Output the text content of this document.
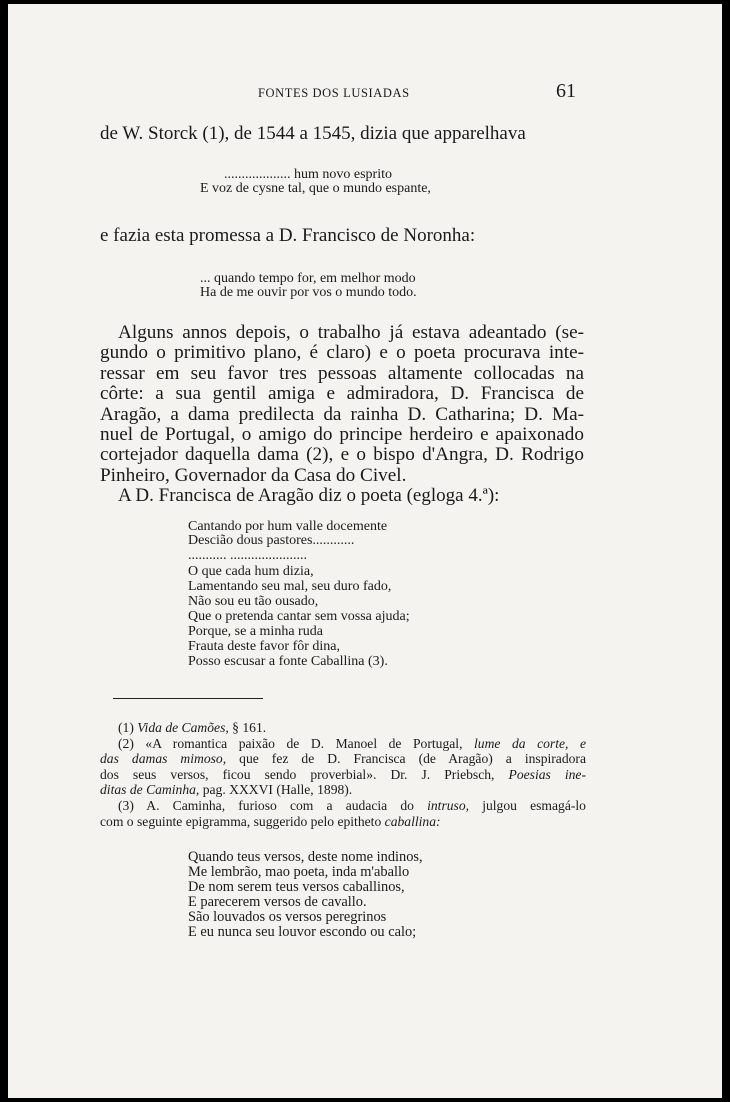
FONTES DOS LUSIADAS	61
de W. Storck (1), de 1544 a 1545, dizia que apparelhava
................... hum novo esprito
E voz de cysne tal, que o mundo espante,
e fazia esta promessa a D. Francisco de Noronha:
... quando tempo for, em melhor modo
Ha de me ouvir por vos o mundo todo.
Alguns annos depois, o trabalho já estava adeantado (se-
gundo o primitivo plano, é claro) e o poeta procurava inte-
ressar em seu favor tres pessoas altamente collocadas na
côrte: a sua gentil amiga e admiradora, D. Francisca de
Aragão, a dama predilecta da rainha D. Catharina; D. Ma-
nuel de Portugal, o amigo do principe herdeiro e apaixonado
cortejador daquella dama (2), e o bispo d'Angra, D. Rodrigo
Pinheiro, Governador da Casa do Civel.
A D. Francisca de Aragão diz o poeta (egloga 4.ª):
Cantando por hum valle docemente
Descião dous pastores............
........... ......................
O que cada hum dizia,
Lamentando seu mal, seu duro fado,
Não sou eu tão ousado,
Que o pretenda cantar sem vossa ajuda;
Porque, se a minha ruda
Frauta deste favor fôr dina,
Posso escusar a fonte Caballina (3).
(1) Vida de Camões, § 161.
(2) «A romantica paixão de D. Manoel de Portugal, lume da corte, e
das damas mimoso, que fez de D. Francisca (de Aragão) a inspiradora
dos seus versos, ficou sendo proverbial». Dr. J. Priebsch, Poesias ine-
ditas de Caminha, pag. XXXVI (Halle, 1898).
(3) A. Caminha, furioso com a audacia do intruso, julgou esmagá-lo
com o seguinte epigramma, suggerido pelo epitheto caballina:
Quando teus versos, deste nome indinos,
Me lembrão, mao poeta, inda m'aballo
De nom serem teus versos caballinos,
E parecerem versos de cavallo.
São louvados os versos peregrinos
E eu nunca seu louvor escondo ou calo;
